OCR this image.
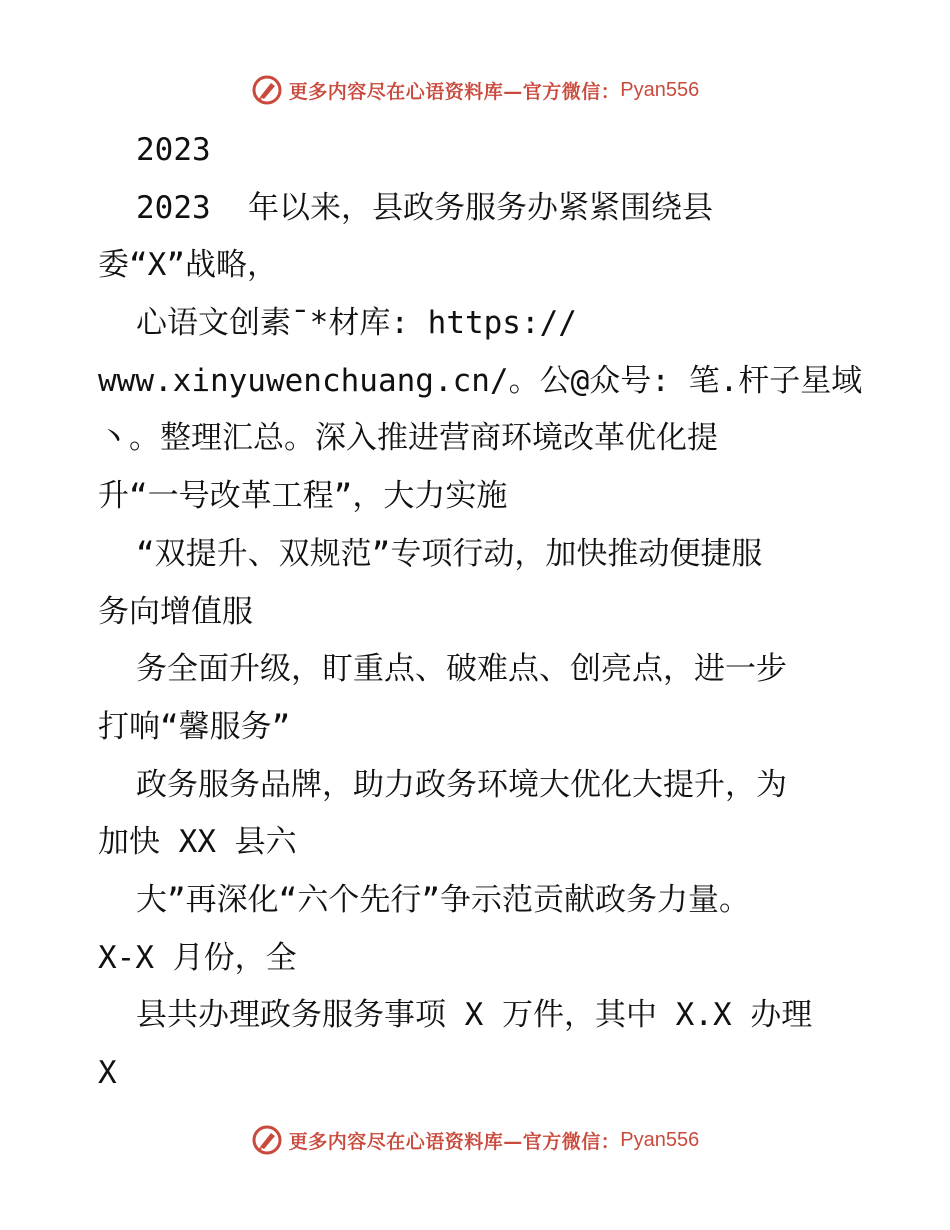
更多内容尽在心语资料库—官方微信： Pyan556
2023
2023  年以来，县政务服务办紧紧围绕县
委“X”战略，
心语文创素¯*材库: https://
www.xinyuwenchuang.cn/。公@众号: 笔.杆子星域
丶。整理汇总。深入推进营商环境改革优化提
升“一号改革工程”，大力实施
“双提升、双规范”专项行动，加快推动便捷服
务向增值服
务全面升级，盯重点、破难点、创亮点，进一步
打响“馨服务”
政务服务品牌，助力政务环境大优化大提升，为
加快 XX 县六
大”再深化“六个先行”争示范贡献政务力量。
X-X 月份，全
县共办理政务服务事项 X 万件，其中 X.X 办理
X
更多内容尽在心语资料库—官方微信： Pyan556
